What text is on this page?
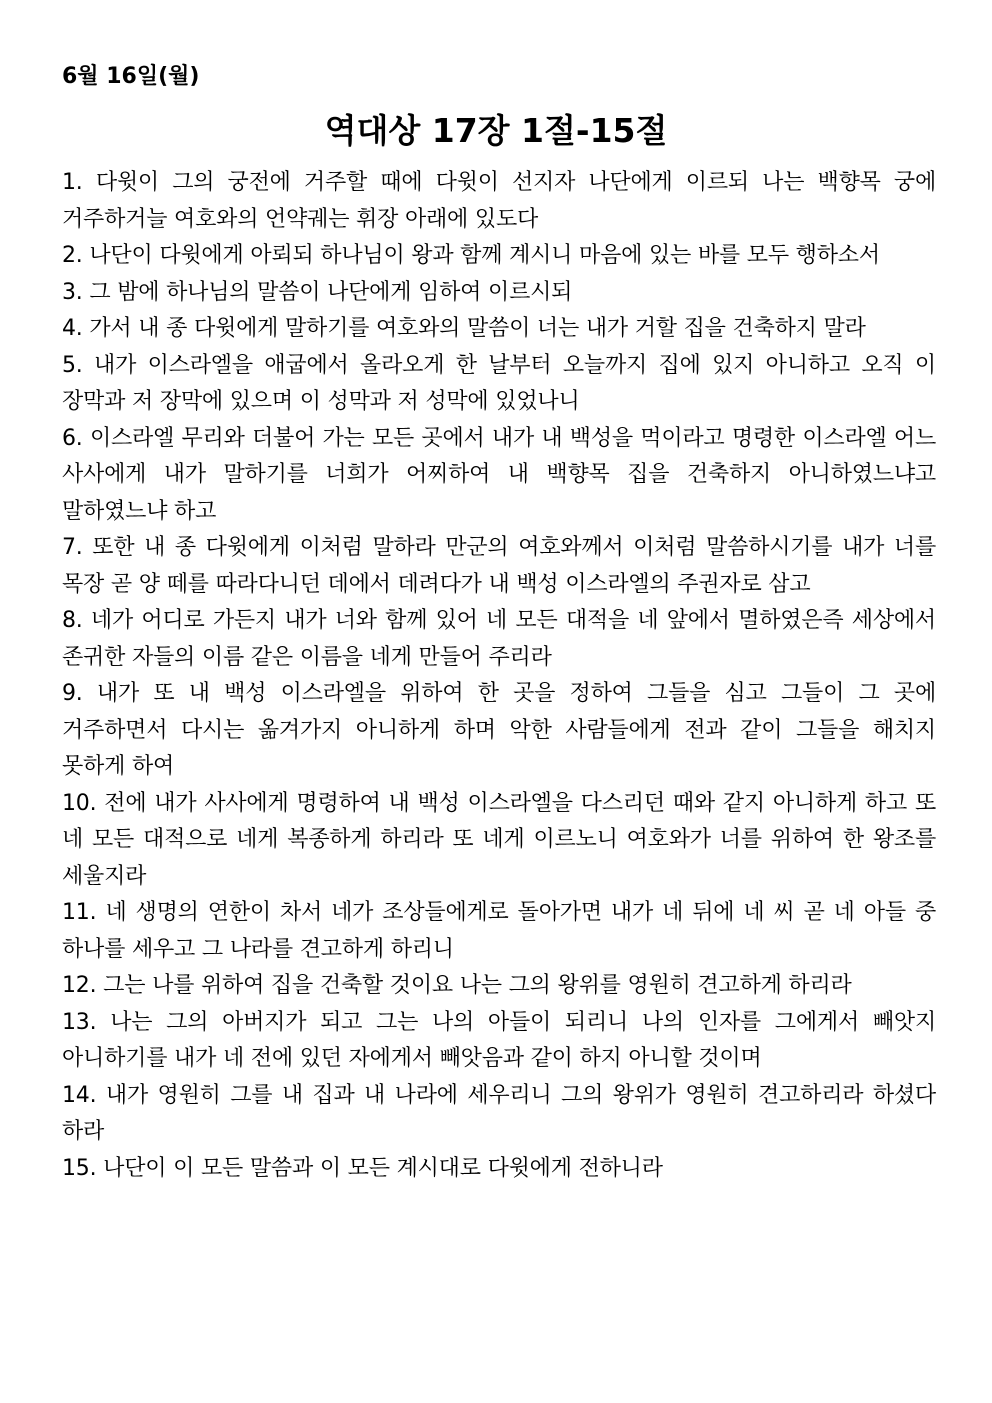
6월 16일(월)
역대상 17장 1절-15절
1. 다윗이 그의 궁전에 거주할 때에 다윗이 선지자 나단에게 이르되 나는 백향목 궁에 거주하거늘 여호와의 언약궤는 휘장 아래에 있도다
2. 나단이 다윗에게 아뢰되 하나님이 왕과 함께 계시니 마음에 있는 바를 모두 행하소서
3. 그 밤에 하나님의 말씀이 나단에게 임하여 이르시되
4. 가서 내 종 다윗에게 말하기를 여호와의 말씀이 너는 내가 거할 집을 건축하지 말라
5. 내가 이스라엘을 애굽에서 올라오게 한 날부터 오늘까지 집에 있지 아니하고 오직 이 장막과 저 장막에 있으며 이 성막과 저 성막에 있었나니
6. 이스라엘 무리와 더불어 가는 모든 곳에서 내가 내 백성을 먹이라고 명령한 이스라엘 어느 사사에게 내가 말하기를 너희가 어찌하여 내 백향목 집을 건축하지 아니하였느냐고 말하였느냐 하고
7. 또한 내 종 다윗에게 이처럼 말하라 만군의 여호와께서 이처럼 말씀하시기를 내가 너를 목장 곧 양 떼를 따라다니던 데에서 데려다가 내 백성 이스라엘의 주권자로 삼고
8. 네가 어디로 가든지 내가 너와 함께 있어 네 모든 대적을 네 앞에서 멸하였은즉 세상에서 존귀한 자들의 이름 같은 이름을 네게 만들어 주리라
9. 내가 또 내 백성 이스라엘을 위하여 한 곳을 정하여 그들을 심고 그들이 그 곳에 거주하면서 다시는 옮겨가지 아니하게 하며 악한 사람들에게 전과 같이 그들을 해치지 못하게 하여
10. 전에 내가 사사에게 명령하여 내 백성 이스라엘을 다스리던 때와 같지 아니하게 하고 또 네 모든 대적으로 네게 복종하게 하리라 또 네게 이르노니 여호와가 너를 위하여 한 왕조를 세울지라
11. 네 생명의 연한이 차서 네가 조상들에게로 돌아가면 내가 네 뒤에 네 씨 곧 네 아들 중 하나를 세우고 그 나라를 견고하게 하리니
12. 그는 나를 위하여 집을 건축할 것이요 나는 그의 왕위를 영원히 견고하게 하리라
13. 나는 그의 아버지가 되고 그는 나의 아들이 되리니 나의 인자를 그에게서 빼앗지 아니하기를 내가 네 전에 있던 자에게서 빼앗음과 같이 하지 아니할 것이며
14. 내가 영원히 그를 내 집과 내 나라에 세우리니 그의 왕위가 영원히 견고하리라 하셨다 하라
15. 나단이 이 모든 말씀과 이 모든 계시대로 다윗에게 전하니라
